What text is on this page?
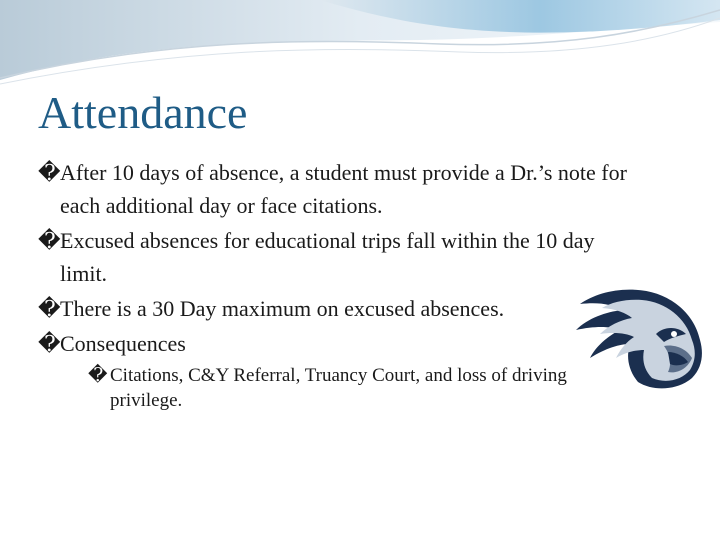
Attendance
� After 10 days of absence, a student must provide a Dr.’s note for each additional day or face citations.
� Excused absences for educational trips fall within the 10 day limit.
� There is a 30 Day maximum on excused absences.
� Consequences
� Citations, C&Y Referral, Truancy Court, and loss of driving privilege.
